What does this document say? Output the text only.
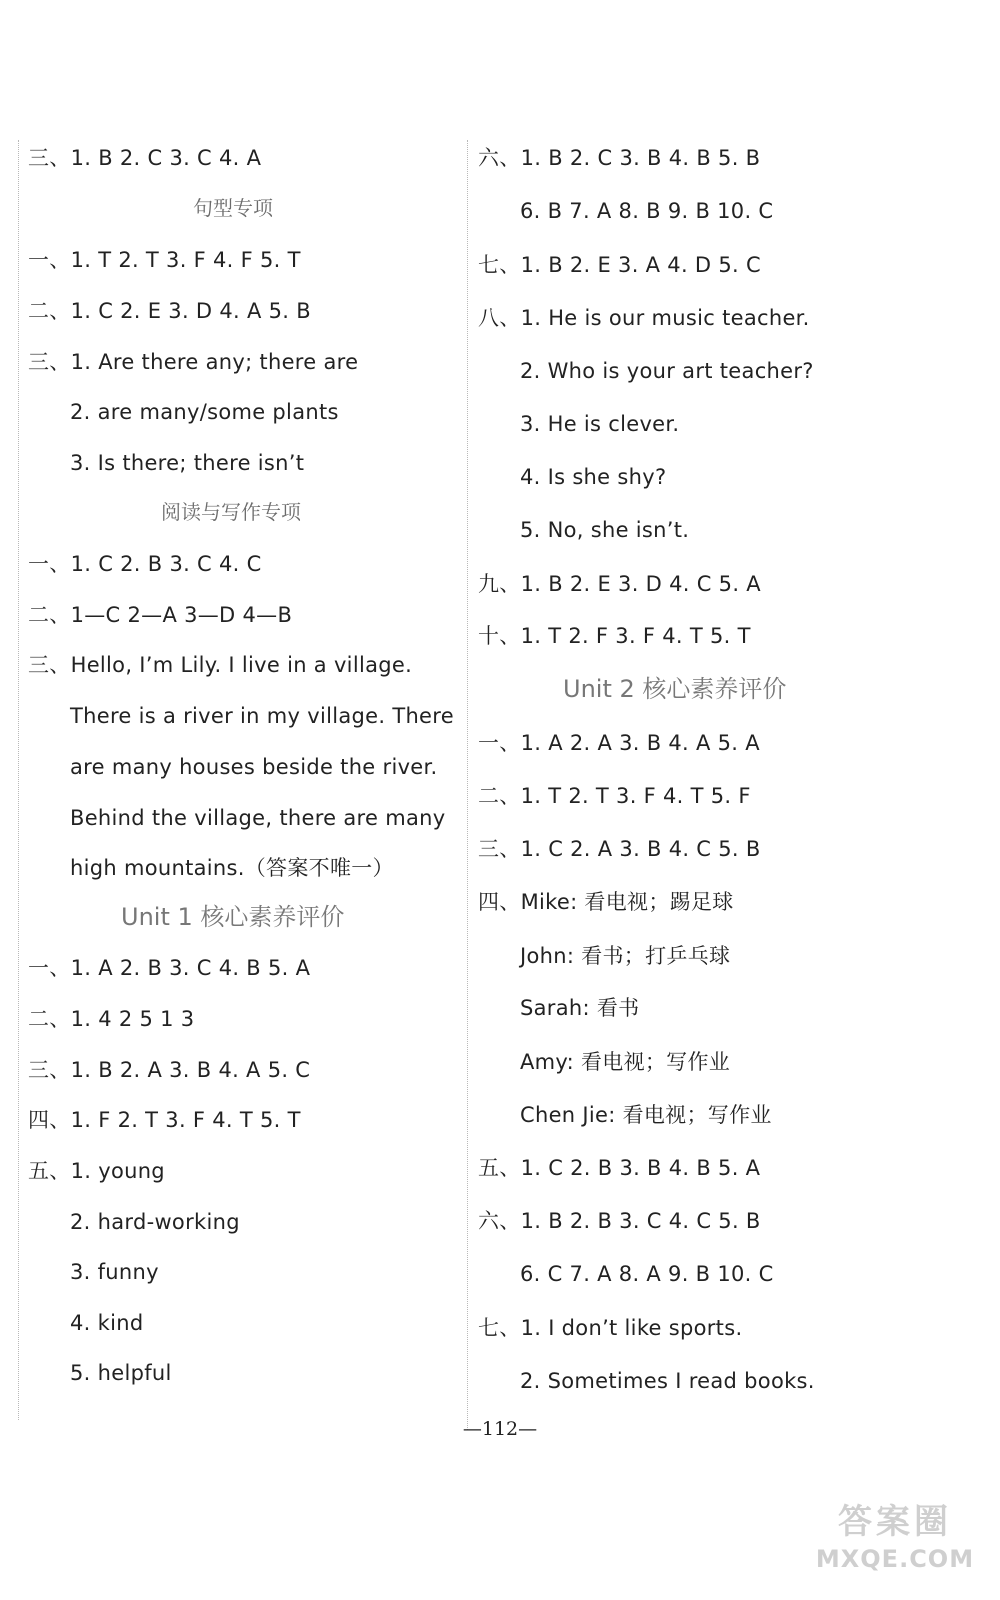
三、1. B 2. C 3. C 4. A
句型专项
一、1. T 2. T 3. F 4. F 5. T
二、1. C 2. E 3. D 4. A 5. B
三、1. Are there any; there are
2. are many/some plants
3. Is there; there isn’t
阅读与写作专项
一、1. C 2. B 3. C 4. C
二、1—C 2—A 3—D 4—B
三、Hello, I’m Lily. I live in a village.
There is a river in my village. There
are many houses beside the river.
Behind the village, there are many
high mountains.（答案不唯一）
Unit 1 核心素养评价
一、1. A 2. B 3. C 4. B 5. A
二、1. 4 2 5 1 3
三、1. B 2. A 3. B 4. A 5. C
四、1. F 2. T 3. F 4. T 5. T
五、1. young
2. hard-working
3. funny
4. kind
5. helpful
六、1. B 2. C 3. B 4. B 5. B
6. B 7. A 8. B 9. B 10. C
七、1. B 2. E 3. A 4. D 5. C
八、1. He is our music teacher.
2. Who is your art teacher?
3. He is clever.
4. Is she shy?
5. No, she isn’t.
九、1. B 2. E 3. D 4. C 5. A
十、1. T 2. F 3. F 4. T 5. T
Unit 2 核心素养评价
一、1. A 2. A 3. B 4. A 5. A
二、1. T 2. T 3. F 4. T 5. F
三、1. C 2. A 3. B 4. C 5. B
四、Mike: 看电视；踢足球
John: 看书；打乒乓球
Sarah: 看书
Amy: 看电视；写作业
Chen Jie: 看电视；写作业
五、1. C 2. B 3. B 4. B 5. A
六、1. B 2. B 3. C 4. C 5. B
6. C 7. A 8. A 9. B 10. C
七、1. I don’t like sports.
2. Sometimes I read books.
—112—
答案圈
MXQE.COM
